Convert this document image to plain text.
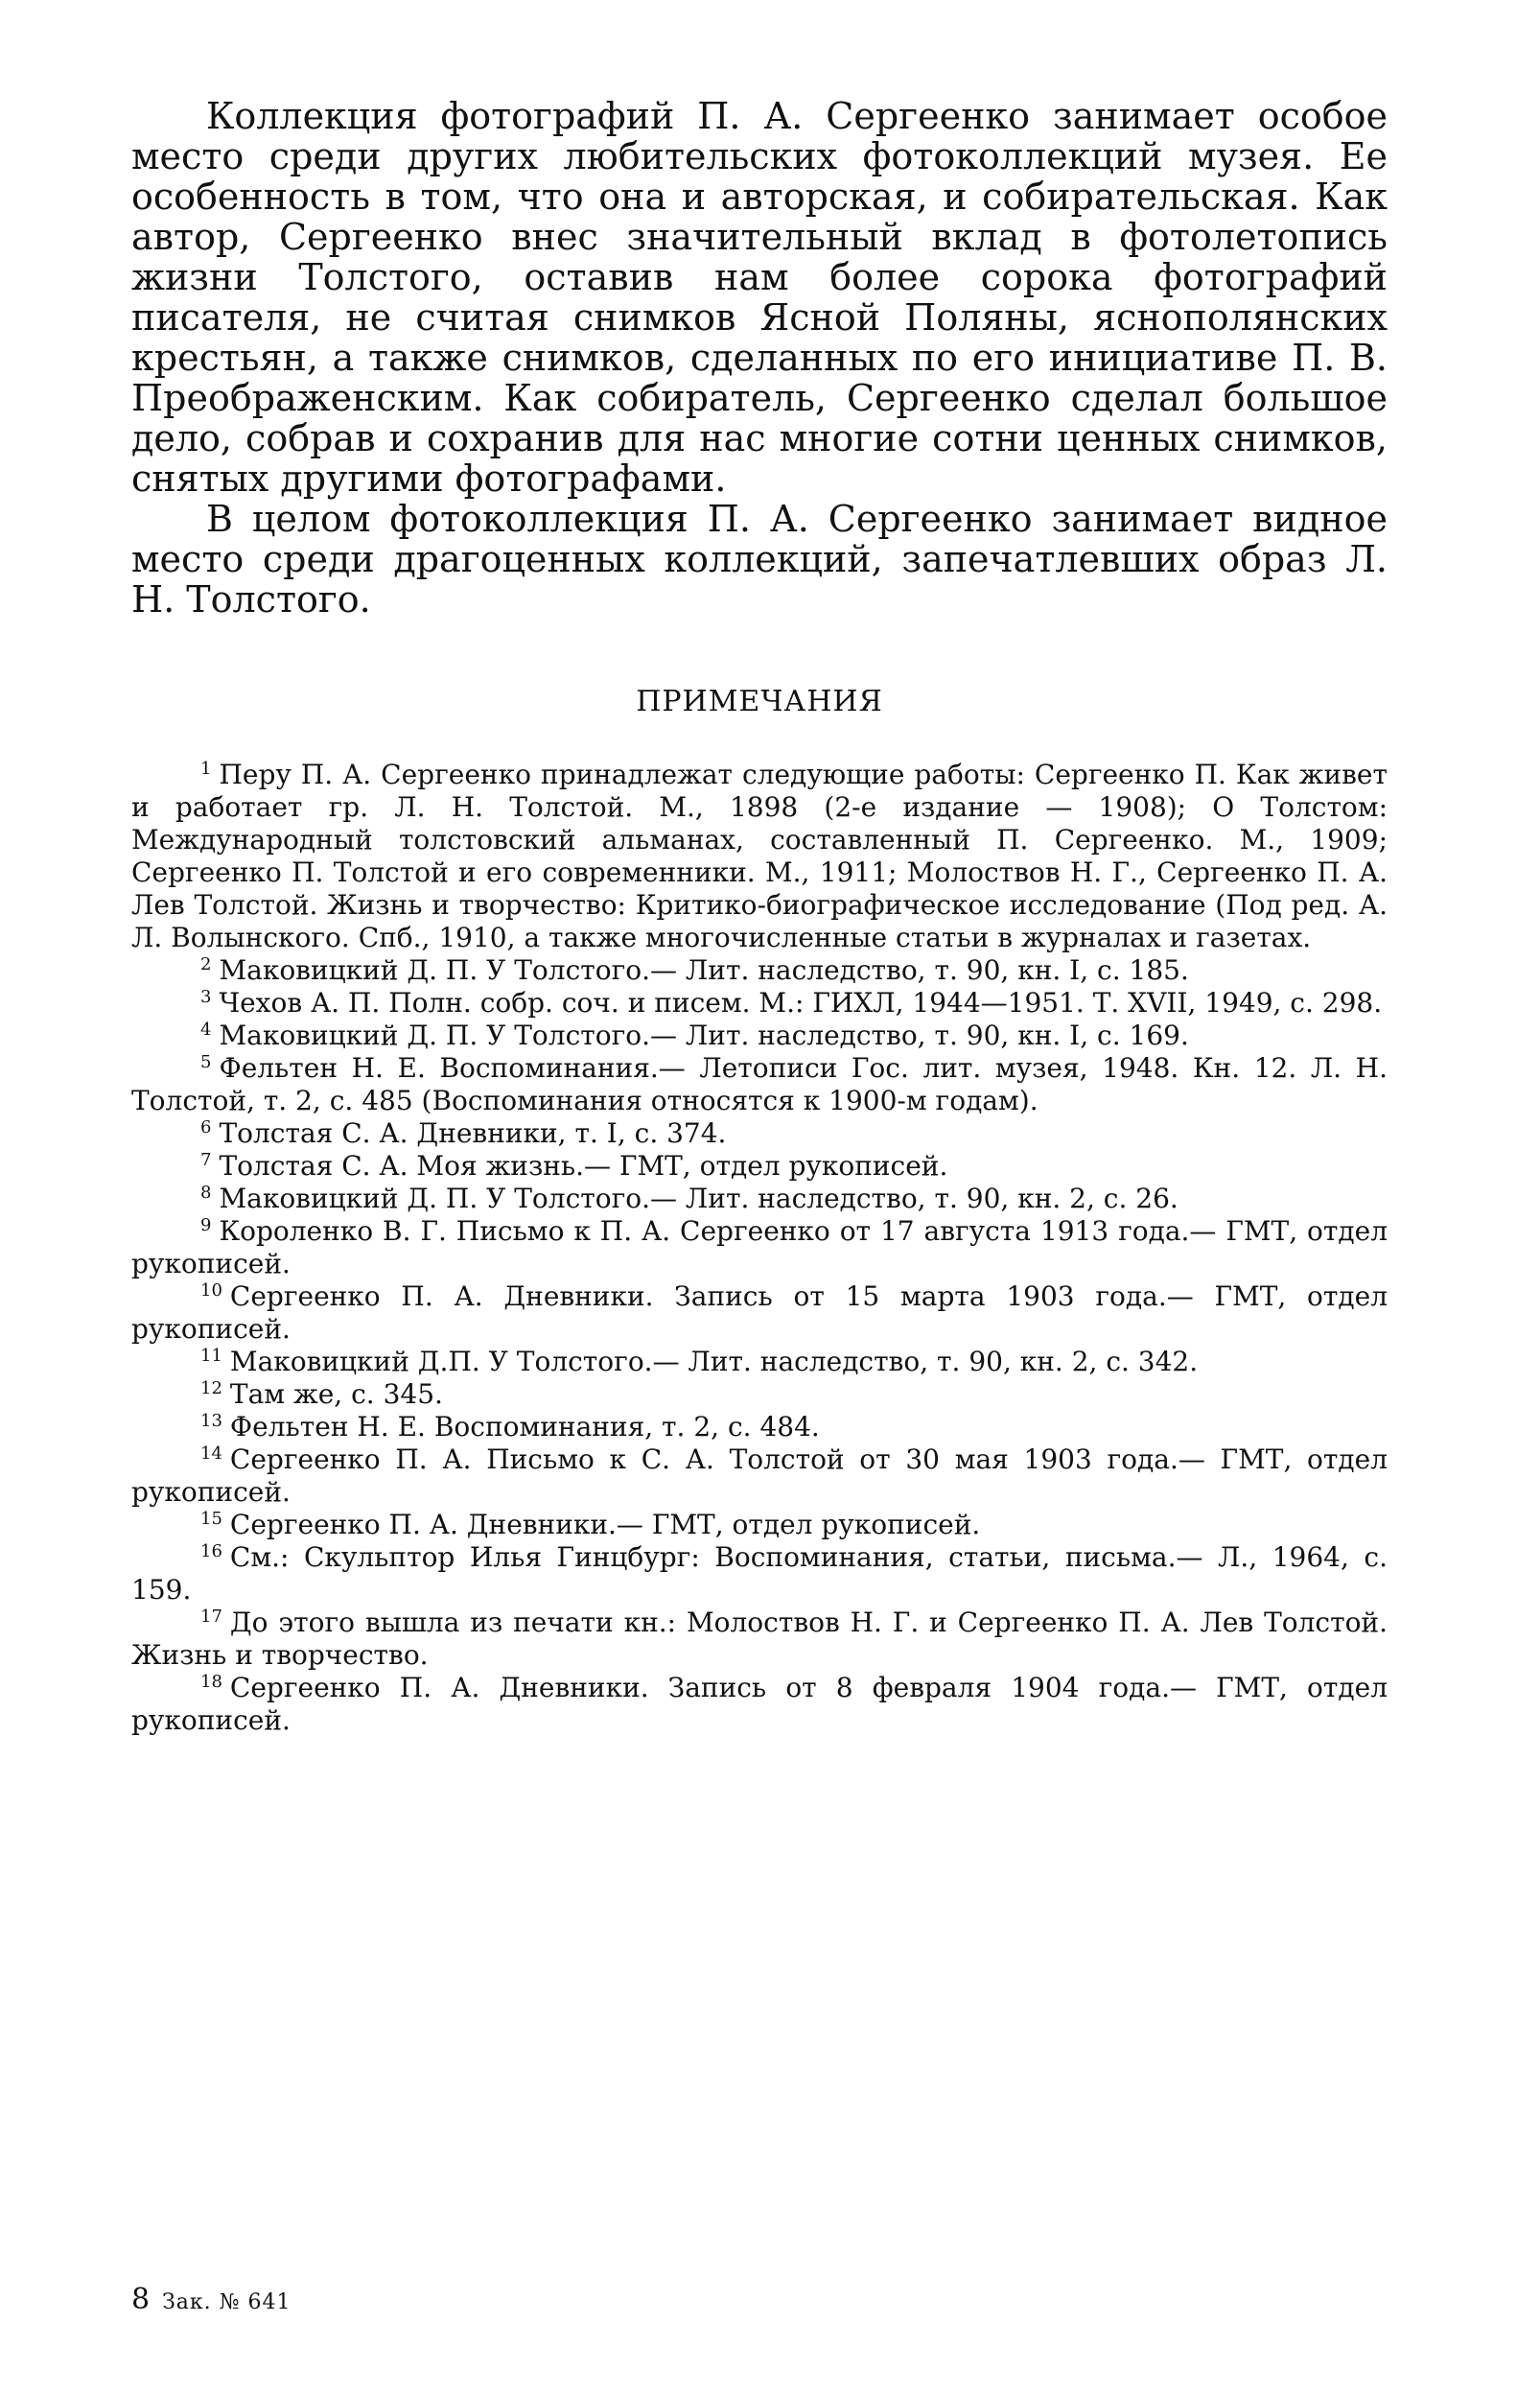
Коллекция фотографий П. А. Сергеенко занимает особое место среди других любительских фотоколлекций музея. Ее особенность в том, что она и авторская, и собирательская. Как автор, Сергеенко внес значительный вклад в фотолетопись жизни Толстого, оставив нам более сорока фотографий писателя, не считая снимков Ясной Поляны, яснополянских крестьян, а также снимков, сделанных по его инициативе П. В. Преображенским. Как собиратель, Сергеенко сделал большое дело, собрав и сохранив для нас многие сотни ценных снимков, снятых другими фотографами.

В целом фотоколлекция П. А. Сергеенко занимает видное место среди драгоценных коллекций, запечатлевших образ Л. Н. Толстого.

ПРИМЕЧАНИЯ

$^1$ Перу П. А. Сергеенко принадлежат следующие работы: Сергеенко П. Как живет и работает гр. Л. Н. Толстой. М., 1898 (2-е издание — 1908); О Толстом: Международный толстовский альманах, составленный П. Сергеенко. М., 1909; Сергеенко П. Толстой и его современники. М., 1911; Молоствов Н. Г., Сергеенко П. А. Лев Толстой. Жизнь и творчество: Критико-биографическое исследование (Под ред. А. Л. Волынского. Спб., 1910, а также многочисленные статьи в журналах и газетах.

$^2$ Маковицкий Д. П. У Толстого.— Лит. наследство, т. 90, кн. I, с. 185.

$^3$ Чехов А. П. Полн. собр. соч. и писем. М.: ГИХЛ, 1944—1951. Т. XVII, 1949, с. 298.

$^4$ Маковицкий Д. П. У Толстого.— Лит. наследство, т. 90, кн. I, с. 169.

$^5$ Фельтен Н. Е. Воспоминания.— Летописи Гос. лит. музея, 1948. Кн. 12. Л. Н. Толстой, т. 2, с. 485 (Воспоминания относятся к 1900-м годам).

$^6$ Толстая С. А. Дневники, т. I, с. 374.

$^7$ Толстая С. А. Моя жизнь.— ГМТ, отдел рукописей.

$^8$ Маковицкий Д. П. У Толстого.— Лит. наследство, т. 90, кн. 2, с. 26.

$^9$ Короленко В. Г. Письмо к П. А. Сергеенко от 17 августа 1913 года.— ГМТ, отдел рукописей.

$^{10}$ Сергеенко П. А. Дневники. Запись от 15 марта 1903 года.— ГМТ, отдел рукописей.

$^{11}$ Маковицкий Д.П. У Толстого.— Лит. наследство, т. 90, кн. 2, с. 342.

$^{12}$ Там же, с. 345.

$^{13}$ Фельтен Н. Е. Воспоминания, т. 2, с. 484.

$^{14}$ Сергеенко П. А. Письмо к С. А. Толстой от 30 мая 1903 года.— ГМТ, отдел рукописей.

$^{15}$ Сергеенко П. А. Дневники.— ГМТ, отдел рукописей.

$^{16}$ См.: Скульптор Илья Гинцбург: Воспоминания, статьи, письма.— Л., 1964, с. 159.

$^{17}$ До этого вышла из печати кн.: Молоствов Н. Г. и Сергеенко П. А. Лев Толстой. Жизнь и творчество.

$^{18}$ Сергеенко П. А. Дневники. Запись от 8 февраля 1904 года.— ГМТ, отдел рукописей.

8 Зак. № 641
